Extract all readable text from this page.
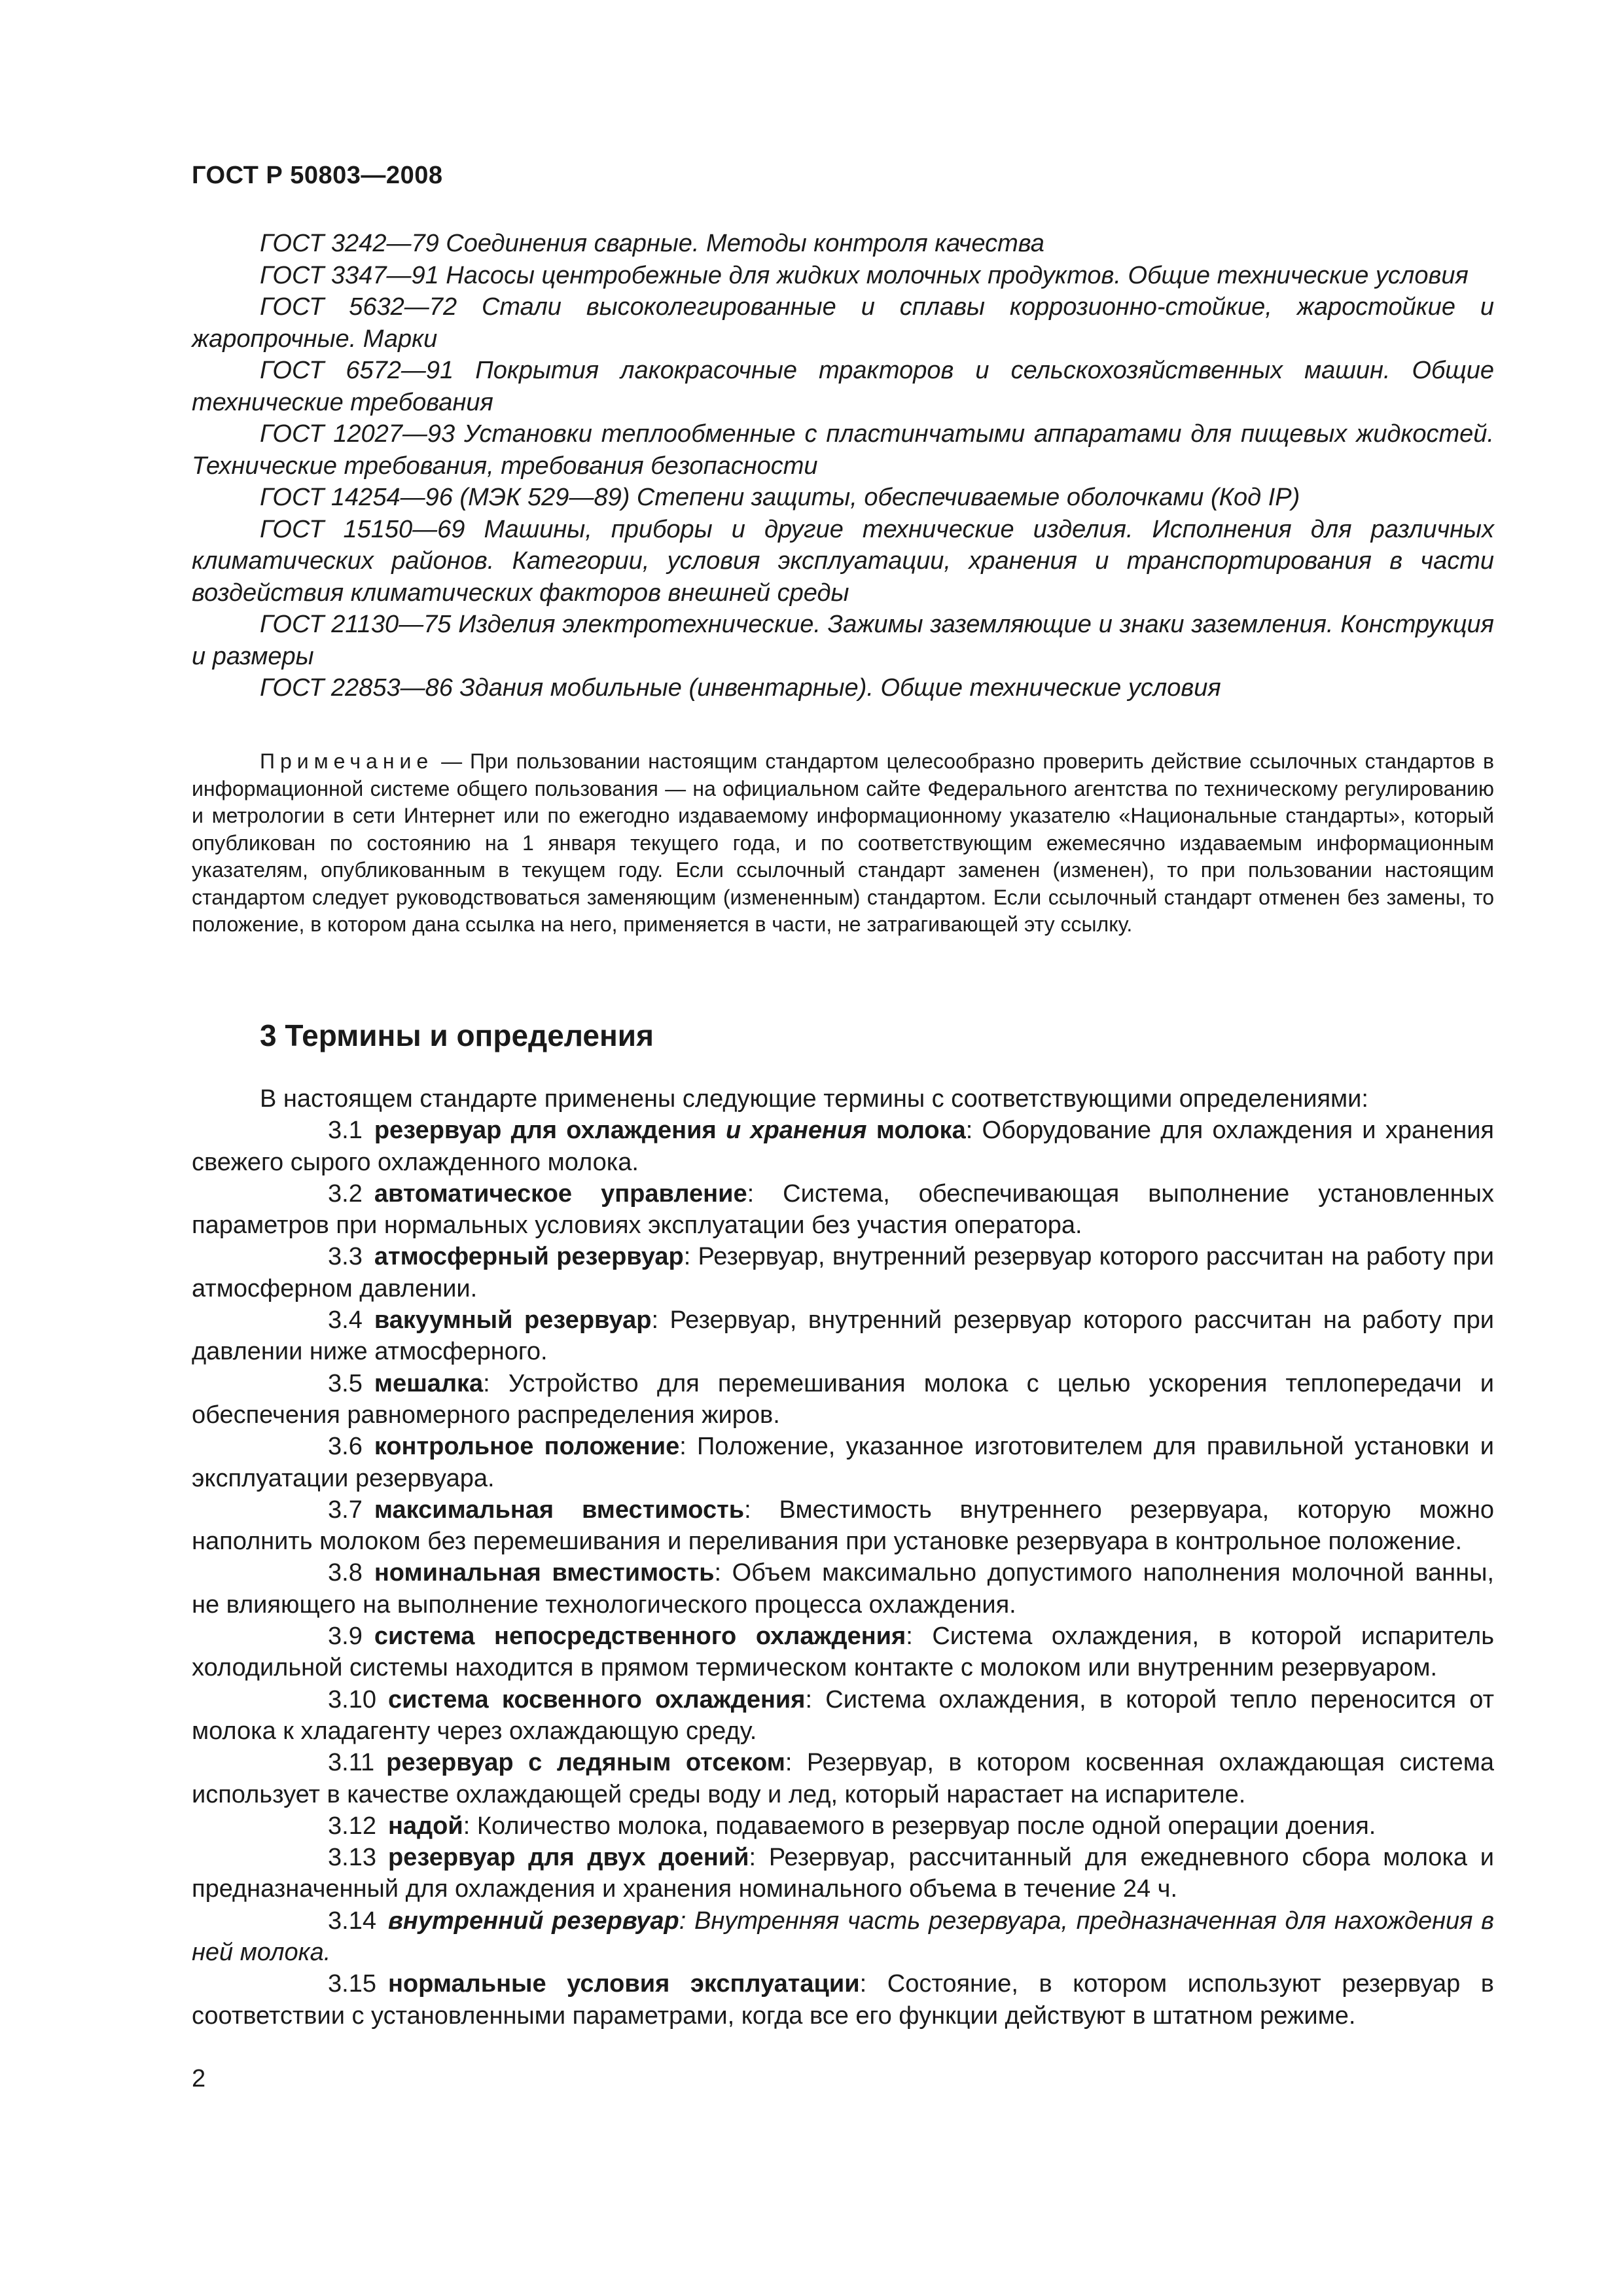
ГОСТ Р 50803—2008

ГОСТ 3242—79 Соединения сварные. Методы контроля качества

ГОСТ 3347—91 Насосы центробежные для жидких молочных продуктов. Общие технические условия

ГОСТ 5632—72 Стали высоколегированные и сплавы коррозионно-стойкие, жаростойкие и жаропрочные. Марки

ГОСТ 6572—91 Покрытия лакокрасочные тракторов и сельскохозяйственных машин. Общие технические требования

ГОСТ 12027—93 Установки теплообменные с пластинчатыми аппаратами для пищевых жидкостей. Технические требования, требования безопасности

ГОСТ 14254—96 (МЭК 529—89) Степени защиты, обеспечиваемые оболочками (Код IP)

ГОСТ 15150—69 Машины, приборы и другие технические изделия. Исполнения для различных климатических районов. Категории, условия эксплуатации, хранения и транспортирования в части воздействия климатических факторов внешней среды

ГОСТ 21130—75 Изделия электротехнические. Зажимы заземляющие и знаки заземления. Конструкция и размеры

ГОСТ 22853—86 Здания мобильные (инвентарные). Общие технические условия

Примечание — При пользовании настоящим стандартом целесообразно проверить действие ссылочных стандартов в информационной системе общего пользования — на официальном сайте Федерального агентства по техническому регулированию и метрологии в сети Интернет или по ежегодно издаваемому информационному указателю «Национальные стандарты», который опубликован по состоянию на 1 января текущего года, и по соответствующим ежемесячно издаваемым информационным указателям, опубликованным в текущем году. Если ссылочный стандарт заменен (изменен), то при пользовании настоящим стандартом следует руководствоваться заменяющим (измененным) стандартом. Если ссылочный стандарт отменен без замены, то положение, в котором дана ссылка на него, применяется в части, не затрагивающей эту ссылку.

3 Термины и определения

В настоящем стандарте применены следующие термины с соответствующими определениями:

3.1 резервуар для охлаждения и хранения молока: Оборудование для охлаждения и хранения свежего сырого охлажденного молока.

3.2 автоматическое управление: Система, обеспечивающая выполнение установленных параметров при нормальных условиях эксплуатации без участия оператора.

3.3 атмосферный резервуар: Резервуар, внутренний резервуар которого рассчитан на работу при атмосферном давлении.

3.4 вакуумный резервуар: Резервуар, внутренний резервуар которого рассчитан на работу при давлении ниже атмосферного.

3.5 мешалка: Устройство для перемешивания молока с целью ускорения теплопередачи и обеспечения равномерного распределения жиров.

3.6 контрольное положение: Положение, указанное изготовителем для правильной установки и эксплуатации резервуара.

3.7 максимальная вместимость: Вместимость внутреннего резервуара, которую можно наполнить молоком без перемешивания и переливания при установке резервуара в контрольное положение.

3.8 номинальная вместимость: Объем максимально допустимого наполнения молочной ванны, не влияющего на выполнение технологического процесса охлаждения.

3.9 система непосредственного охлаждения: Система охлаждения, в которой испаритель холодильной системы находится в прямом термическом контакте с молоком или внутренним резервуаром.

3.10 система косвенного охлаждения: Система охлаждения, в которой тепло переносится от молока к хладагенту через охлаждающую среду.

3.11 резервуар с ледяным отсеком: Резервуар, в котором косвенная охлаждающая система использует в качестве охлаждающей среды воду и лед, который нарастает на испарителе.

3.12 надой: Количество молока, подаваемого в резервуар после одной операции доения.

3.13 резервуар для двух доений: Резервуар, рассчитанный для ежедневного сбора молока и предназначенный для охлаждения и хранения номинального объема в течение 24 ч.

3.14 внутренний резервуар: Внутренняя часть резервуара, предназначенная для нахождения в ней молока.

3.15 нормальные условия эксплуатации: Состояние, в котором используют резервуар в соответствии с установленными параметрами, когда все его функции действуют в штатном режиме.

2
